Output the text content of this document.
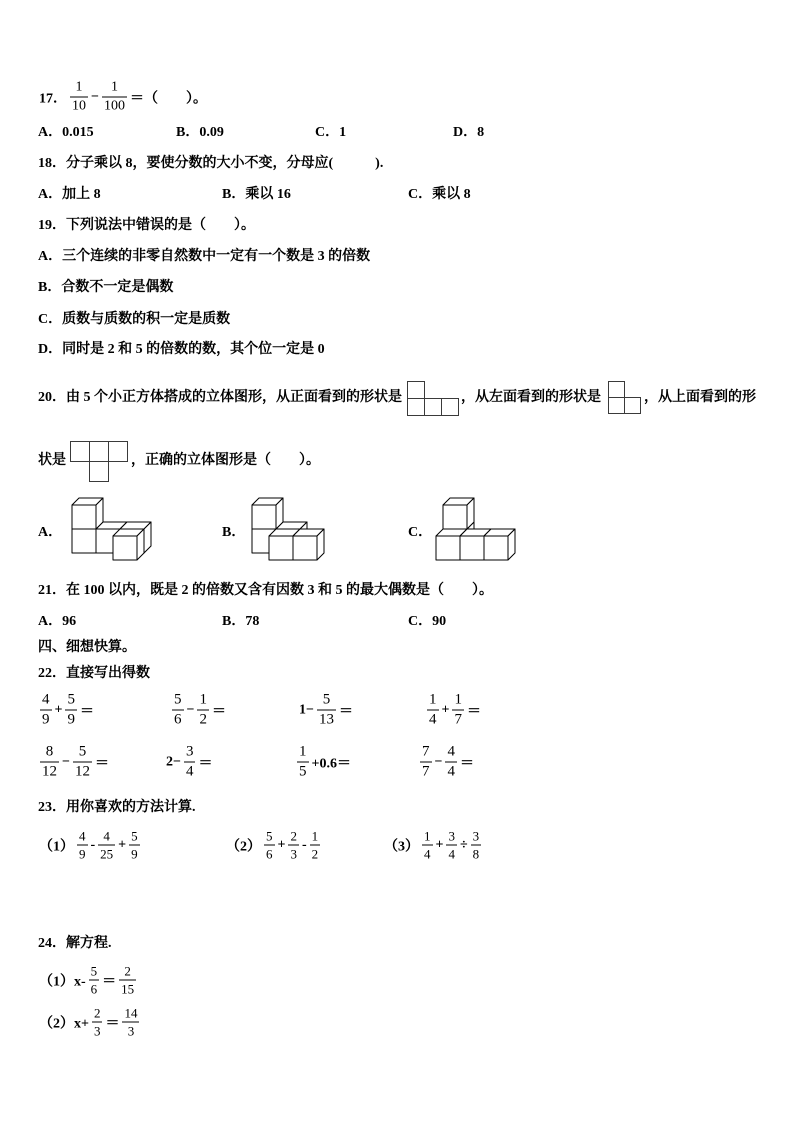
17． $\frac{1}{10} - \frac{1}{100}$ ＝（　　）。
A．0.015	B．0.09	C．1	D．8
18．分子乘以 8，要使分数的大小不变，分母应(　　　).
A．加上 8	B．乘以 16	C．乘以 8
19．下列说法中错误的是（　　）。
A．三个连续的非零自然数中一定有一个数是 3 的倍数
B．合数不一定是偶数
C．质数与质数的积一定是质数
D．同时是 2 和 5 的倍数的数，其个位一定是 0
20．由 5 个小正方体搭成的立体图形，从正面看到的形状是	，从左面看到的形状是	，从上面看到的形
状是	，正确的立体图形是（　　）。
A．	B．	C．
21．在 100 以内，既是 2 的倍数又含有因数 3 和 5 的最大偶数是（　　）。
A．96	B．78	C．90
四、细想快算。
22．直接写出得数
$\frac{4}{9} + \frac{5}{9}$ ＝	$\frac{5}{6} - \frac{1}{2}$ ＝	$1- \frac{5}{13}$ ＝	$\frac{1}{4} + \frac{1}{7}$ ＝
$\frac{8}{12} - \frac{5}{12}$ ＝	$2- \frac{3}{4}$ ＝	$\frac{1}{5} +0.6=$	$\frac{7}{7} - \frac{4}{4}$ ＝
23．用你喜欢的方法计算.
$(1) \frac{4}{9} - \frac{4}{25} + \frac{5}{9}$	$(2) \frac{5}{6} + \frac{2}{3} - \frac{1}{2}$	$(3) \frac{1}{4} + \frac{3}{4} \div \frac{3}{8}$
24．解方程.
$(1)x- \frac{5}{6} = \frac{2}{15}$
$(2)x+ \frac{2}{3} = \frac{14}{3}$
